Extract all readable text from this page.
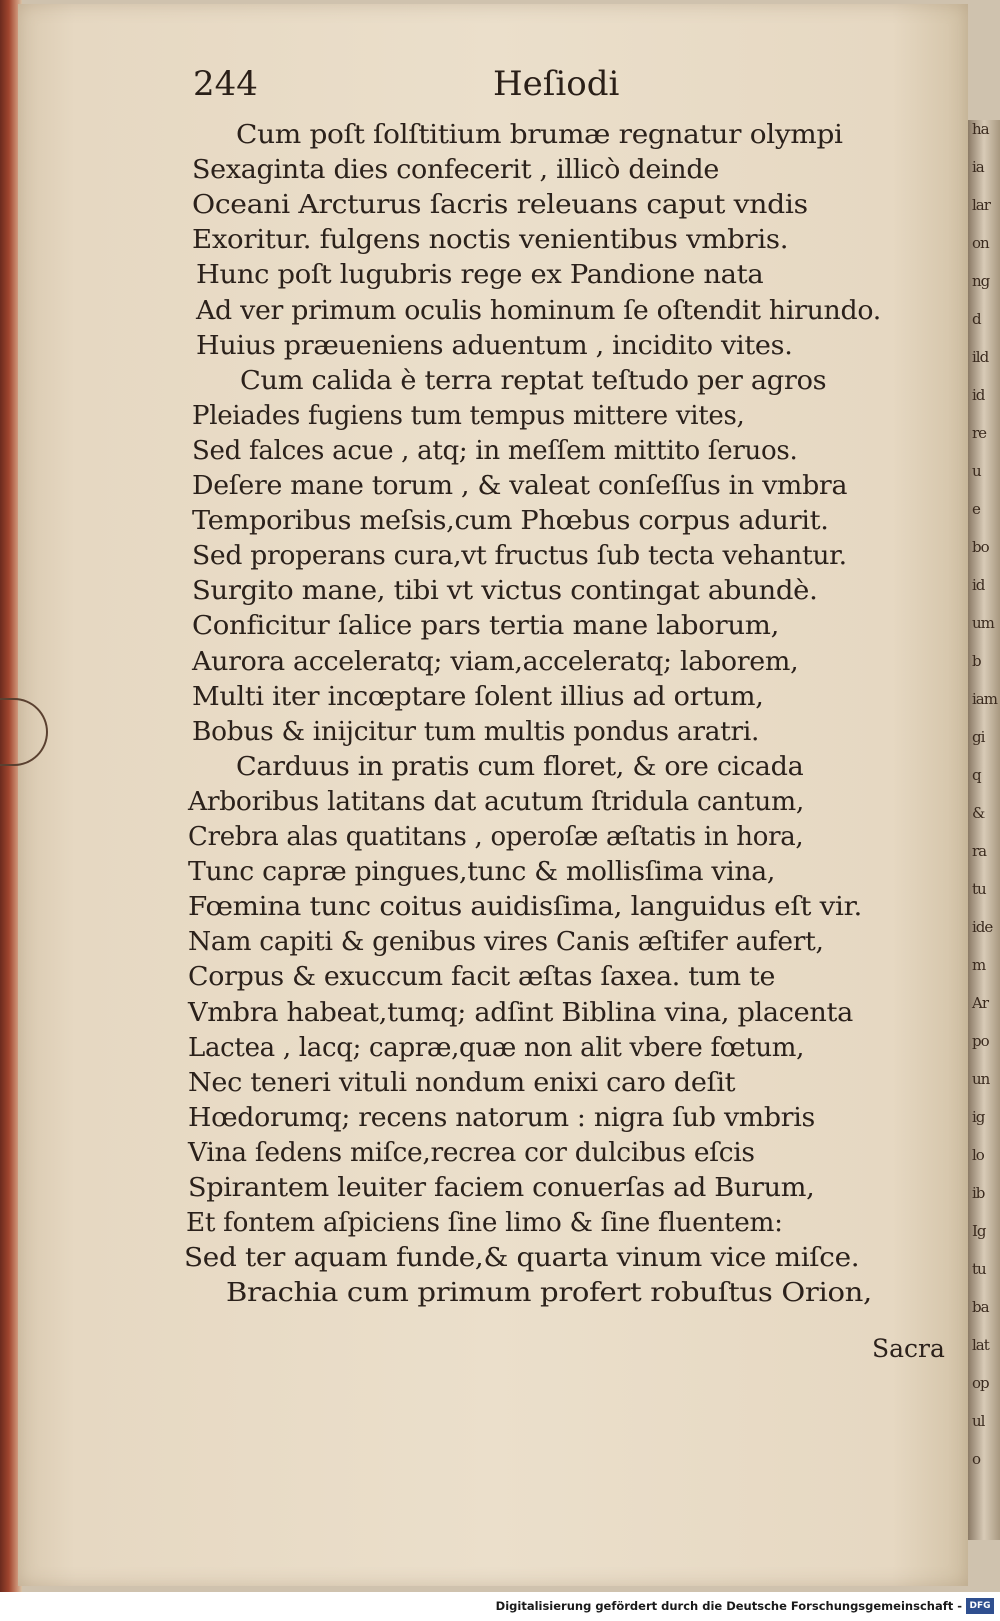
ha
ia
lar
on
ng
d
ild
id
re
u
e
bo
id
um
b
iam
gi
q
&
ra
tu
ide
m
Ar
po
un
ig
lo
ib
Ig
tu
ba
lat
op
ul
o
244	Heſiodi
Cum poſt ſolſtitium brumæ regnatur olympi
Sexaginta dies confecerit , illicò deinde
Oceani Arcturus ſacris releuans caput vndis
Exoritur. fulgens noctis venientibus vmbris.
Hunc poſt lugubris rege ex Pandione nata
Ad ver primum oculis hominum ſe oſtendit hirundo.
Huius præueniens aduentum , incidito vites.
Cum calida è terra reptat teſtudo per agros
Pleiades fugiens tum tempus mittere vites,
Sed falces acue , atq; in meſſem mittito ſeruos.
Deſere mane torum , & valeat conſeſſus in vmbra
Temporibus meſsis,cum Phœbus corpus adurit.
Sed properans cura,vt fructus ſub tecta vehantur.
Surgito mane, tibi vt victus contingat abundè.
Conficitur ſalice pars tertia mane laborum,
Aurora acceleratq; viam,acceleratq; laborem,
Multi iter incœptare ſolent illius ad ortum,
Bobus & inijcitur tum multis pondus aratri.
Carduus in pratis cum floret, & ore cicada
Arboribus latitans dat acutum ſtridula cantum,
Crebra alas quatitans , operoſæ æſtatis in hora,
Tunc capræ pingues,tunc & mollisſima vina,
Fœmina tunc coitus auidisſima, languidus eſt vir.
Nam capiti & genibus vires Canis æſtifer aufert,
Corpus & exuccum facit æſtas ſaxea. tum te
Vmbra habeat,tumq; adſint Biblina vina, placenta
Lactea , lacq; capræ,quæ non alit vbere fœtum,
Nec teneri vituli nondum enixi caro deſit
Hœdorumq; recens natorum : nigra ſub vmbris
Vina ſedens miſce,recrea cor dulcibus eſcis
Spirantem leuiter faciem conuerſas ad Burum,
Et fontem aſpiciens ſine limo & ſine fluentem:
Sed ter aquam funde,& quarta vinum vice miſce.
Brachia cum primum profert robuſtus Orion,
Sacra
Digitalisierung gefördert durch die Deutsche Forschungsgemeinschaft - DFG
